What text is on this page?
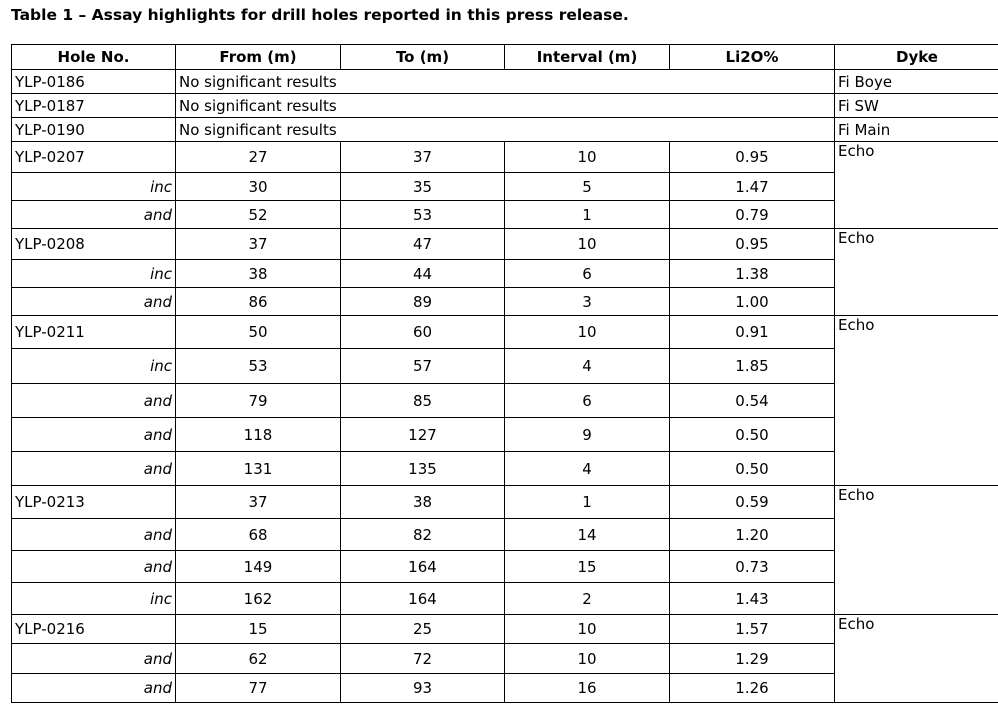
Table 1 – Assay highlights for drill holes reported in this press release.
Hole No.	From (m)	To (m)	Interval (m)	Li2O%	Dyke
YLP-0186	No significant results				Fi Boye
YLP-0187	No significant results				Fi SW
YLP-0190	No significant results				Fi Main
YLP-0207	27	37	10	0.95	Echo
inc	30	35	5	1.47	
and	52	53	1	0.79	
YLP-0208	37	47	10	0.95	Echo
inc	38	44	6	1.38	
and	86	89	3	1.00	
YLP-0211	50	60	10	0.91	Echo
inc	53	57	4	1.85	
and	79	85	6	0.54	
and	118	127	9	0.50	
and	131	135	4	0.50	
YLP-0213	37	38	1	0.59	Echo
and	68	82	14	1.20	
and	149	164	15	0.73	
inc	162	164	2	1.43	
YLP-0216	15	25	10	1.57	Echo
and	62	72	10	1.29	
and	77	93	16	1.26	
